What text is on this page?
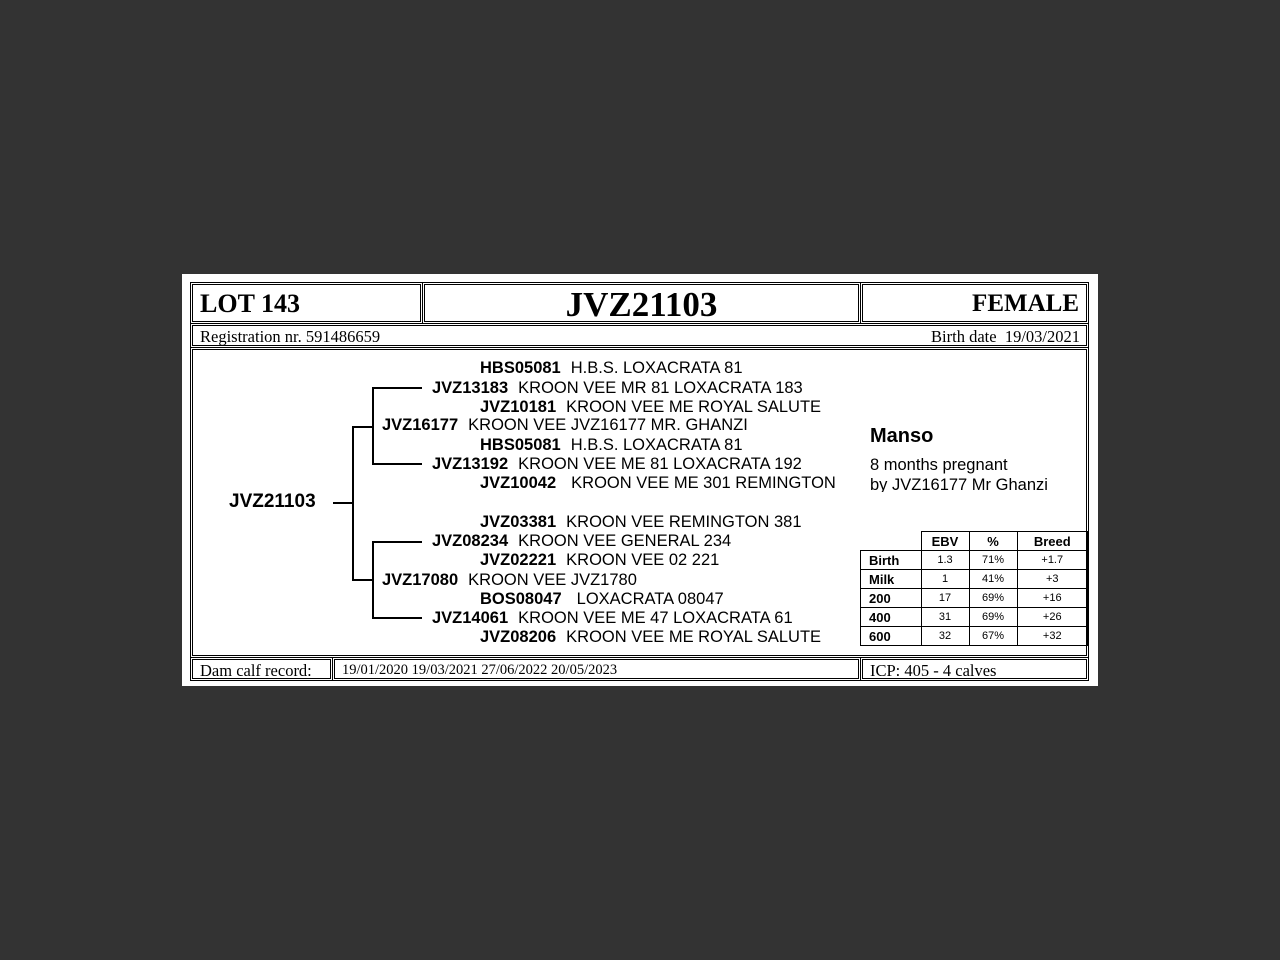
LOT 143	JVZ21103	FEMALE
Registration nr. 591486659	Birth date  19/03/2021
JVZ21103
HBS05081 H.B.S. LOXACRATA 81
JVZ13183 KROON VEE MR 81 LOXACRATA 183
JVZ10181 KROON VEE ME ROYAL SALUTE
JVZ16177 KROON VEE JVZ16177 MR. GHANZI
HBS05081 H.B.S. LOXACRATA 81
JVZ13192 KROON VEE ME 81 LOXACRATA 192
JVZ10042 KROON VEE ME 301 REMINGTON
JVZ03381 KROON VEE REMINGTON 381
JVZ08234 KROON VEE GENERAL 234
JVZ02221 KROON VEE 02 221
JVZ17080 KROON VEE JVZ1780
BOS08047 LOXACRATA 08047
JVZ14061 KROON VEE ME 47 LOXACRATA 61
JVZ08206 KROON VEE ME ROYAL SALUTE
Manso
8 months pregnant
by JVZ16177 Mr Ghanzi
	EBV	%	Breed
Birth	1.3	71%	+1.7
Milk	1	41%	+3
200	17	69%	+16
400	31	69%	+26
600	32	67%	+32
Dam calf record: 19/01/2020 19/03/2021 27/06/2022 20/05/2023	ICP: 405 - 4 calves
